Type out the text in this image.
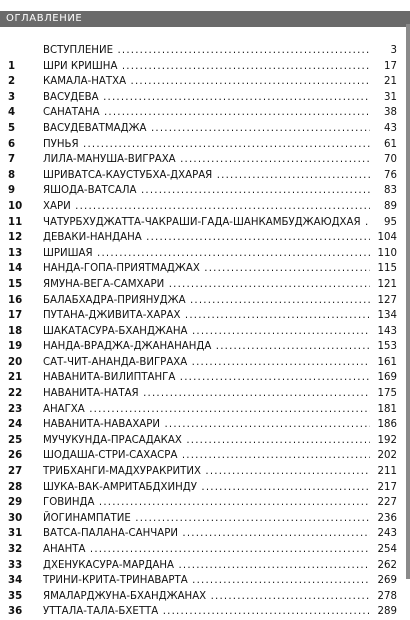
ОГЛАВЛЕНИЕ
ВСТУПЛЕНИЕ .....	3
1	ШРИ КРИШНА .....	17
2	КАМАЛА-НАТХА .....	21
3	ВАСУДЕВА .....	31
4	САНАТАНА .....	38
5	ВАСУДЕВАТМАДЖА .....	43
6	ПУНЬЯ .....	61
7	ЛИЛА-МАНУША-ВИГРАХА .....	70
8	ШРИВАТСА-КАУСТУБХА-ДХАРАЯ .....	76
9	ЯШОДА-ВАТСАЛА .....	83
10	ХАРИ .....	89
11	ЧАТУРБХУДЖАТТА-ЧАКРАШИ-ГАДА-ШАНКАМБУДЖАЮДХАЯ .....	95
12	ДЕВАКИ-НАНДАНА .....	104
13	ШРИШАЯ .....	110
14	НАНДА-ГОПА-ПРИЯТМАДЖАХ .....	115
15	ЯМУНА-ВЕГА-САМХАРИ .....	121
16	БАЛАБХАДРА-ПРИЯНУДЖА .....	127
17	ПУТАНА-ДЖИВИТА-ХАРАХ .....	134
18	ШАКАТАСУРА-БХАНДЖАНА .....	143
19	НАНДА-ВРАДЖА-ДЖАНАНАНДА .....	153
20	САТ-ЧИТ-АНАНДА-ВИГРАХА .....	161
21	НАВАНИТА-ВИЛИПТАНГА .....	169
22	НАВАНИТА-НАТАЯ .....	175
23	АНАГХА .....	181
24	НАВАНИТА-НАВАХАРИ .....	186
25	МУЧУКУНДА-ПРАСАДАКАХ .....	192
26	ШОДАША-СТРИ-САХАСРА .....	202
27	ТРИБХАНГИ-МАДХУРАКРИТИХ .....	211
28	ШУКА-ВАК-АМРИТАБДХИНДУ .....	217
29	ГОВИНДА .....	227
30	ЙОГИНАМПАТИЕ .....	236
31	ВАТСА-ПАЛАНА-САНЧАРИ .....	243
32	АНАНТА .....	254
33	ДХЕНУКАСУРА-МАРДАНА .....	262
34	ТРИНИ-КРИТА-ТРИНАВАРТА .....	269
35	ЯМАЛАРДЖУНА-БХАНДЖАНАХ .....	278
36	УТТАЛА-ТАЛА-БХЕТТА .....	289
